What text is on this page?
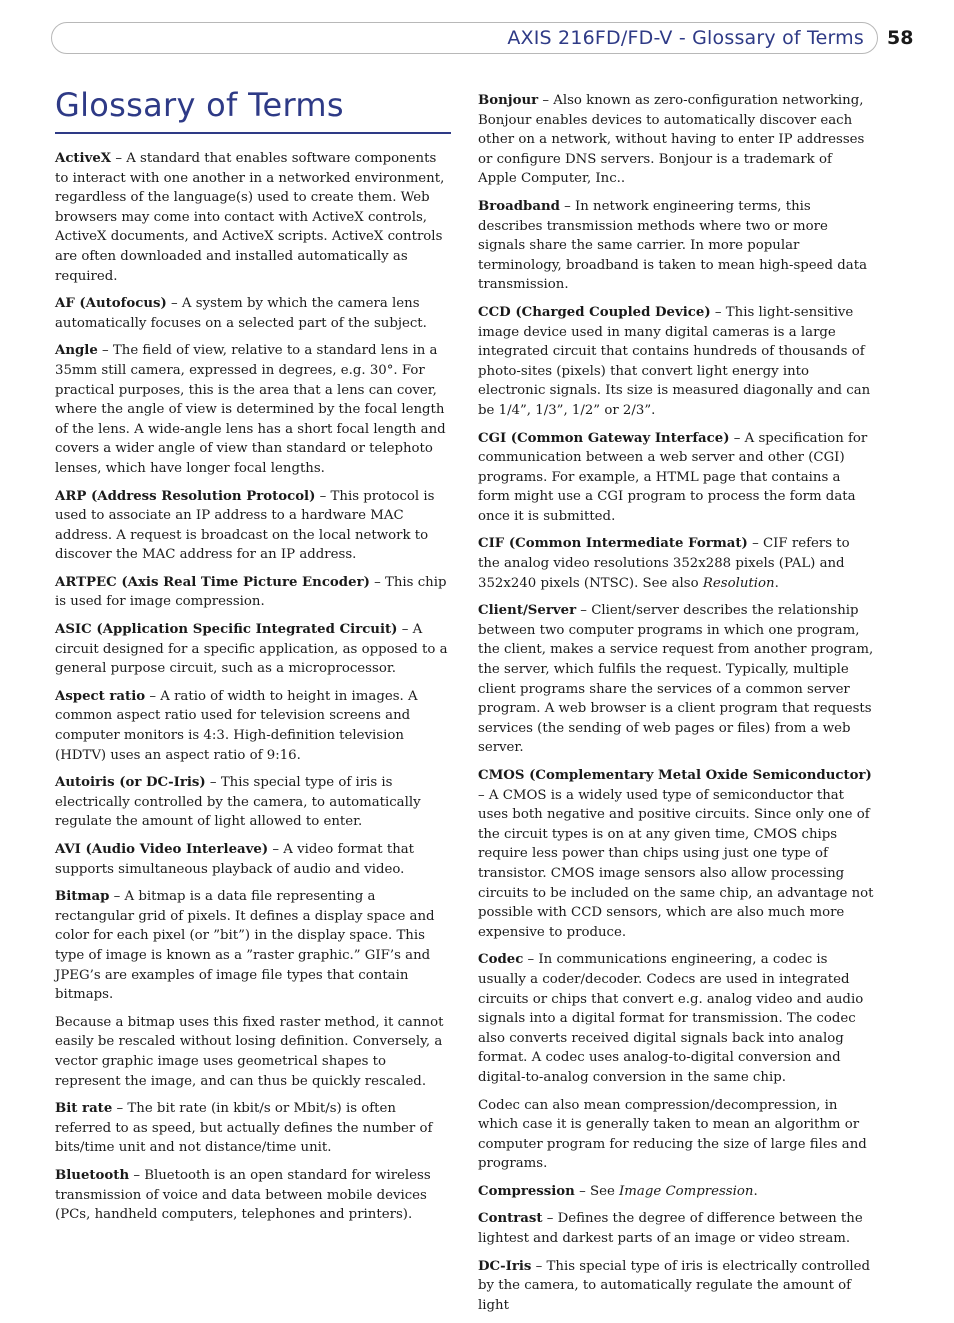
AXIS 216FD/FD-V - Glossary of Terms 58
Glossary of Terms

ActiveX – A standard that enables software components to interact with one another in a networked environment, regardless of the language(s) used to create them. Web browsers may come into contact with ActiveX controls, ActiveX documents, and ActiveX scripts. ActiveX controls are often downloaded and installed automatically as required.

AF (Autofocus) – A system by which the camera lens automatically focuses on a selected part of the subject.

Angle – The field of view, relative to a standard lens in a 35mm still camera, expressed in degrees, e.g. 30°. For practical purposes, this is the area that a lens can cover, where the angle of view is determined by the focal length of the lens. A wide-angle lens has a short focal length and covers a wider angle of view than standard or telephoto lenses, which have longer focal lengths.

ARP (Address Resolution Protocol) – This protocol is used to associate an IP address to a hardware MAC address. A request is broadcast on the local network to discover the MAC address for an IP address.

ARTPEC (Axis Real Time Picture Encoder) – This chip is used for image compression.

ASIC (Application Specific Integrated Circuit) – A circuit designed for a specific application, as opposed to a general purpose circuit, such as a microprocessor.

Aspect ratio – A ratio of width to height in images. A common aspect ratio used for television screens and computer monitors is 4:3. High-definition television (HDTV) uses an aspect ratio of 9:16.

Autoiris (or DC-Iris) – This special type of iris is electrically controlled by the camera, to automatically regulate the amount of light allowed to enter.

AVI (Audio Video Interleave) – A video format that supports simultaneous playback of audio and video.

Bitmap – A bitmap is a data file representing a rectangular grid of pixels. It defines a display space and color for each pixel (or ”bit”) in the display space. This type of image is known as a ”raster graphic.” GIF’s and JPEG’s are examples of image file types that contain bitmaps.

Because a bitmap uses this fixed raster method, it cannot easily be rescaled without losing definition. Conversely, a vector graphic image uses geometrical shapes to represent the image, and can thus be quickly rescaled.

Bit rate – The bit rate (in kbit/s or Mbit/s) is often referred to as speed, but actually defines the number of bits/time unit and not distance/time unit.

Bluetooth – Bluetooth is an open standard for wireless transmission of voice and data between mobile devices (PCs, handheld computers, telephones and printers).

Bonjour – Also known as zero-configuration networking, Bonjour enables devices to automatically discover each other on a network, without having to enter IP addresses or configure DNS servers. Bonjour is a trademark of Apple Computer, Inc..

Broadband – In network engineering terms, this describes transmission methods where two or more signals share the same carrier. In more popular terminology, broadband is taken to mean high-speed data transmission.

CCD (Charged Coupled Device) – This light-sensitive image device used in many digital cameras is a large integrated circuit that contains hundreds of thousands of photo-sites (pixels) that convert light energy into electronic signals. Its size is measured diagonally and can be 1/4”, 1/3”, 1/2” or 2/3”.

CGI (Common Gateway Interface) – A specification for communication between a web server and other (CGI) programs. For example, a HTML page that contains a form might use a CGI program to process the form data once it is submitted.

CIF (Common Intermediate Format) – CIF refers to the analog video resolutions 352x288 pixels (PAL) and 352x240 pixels (NTSC). See also Resolution.

Client/Server – Client/server describes the relationship between two computer programs in which one program, the client, makes a service request from another program, the server, which fulfils the request. Typically, multiple client programs share the services of a common server program. A web browser is a client program that requests services (the sending of web pages or files) from a web server.

CMOS (Complementary Metal Oxide Semiconductor) – A CMOS is a widely used type of semiconductor that uses both negative and positive circuits. Since only one of the circuit types is on at any given time, CMOS chips require less power than chips using just one type of transistor. CMOS image sensors also allow processing circuits to be included on the same chip, an advantage not possible with CCD sensors, which are also much more expensive to produce.

Codec – In communications engineering, a codec is usually a coder/decoder. Codecs are used in integrated circuits or chips that convert e.g. analog video and audio signals into a digital format for transmission. The codec also converts received digital signals back into analog format. A codec uses analog-to-digital conversion and digital-to-analog conversion in the same chip.

Codec can also mean compression/decompression, in which case it is generally taken to mean an algorithm or computer program for reducing the size of large files and programs.

Compression – See Image Compression.

Contrast – Defines the degree of difference between the lightest and darkest parts of an image or video stream.

DC-Iris – This special type of iris is electrically controlled by the camera, to automatically regulate the amount of light
